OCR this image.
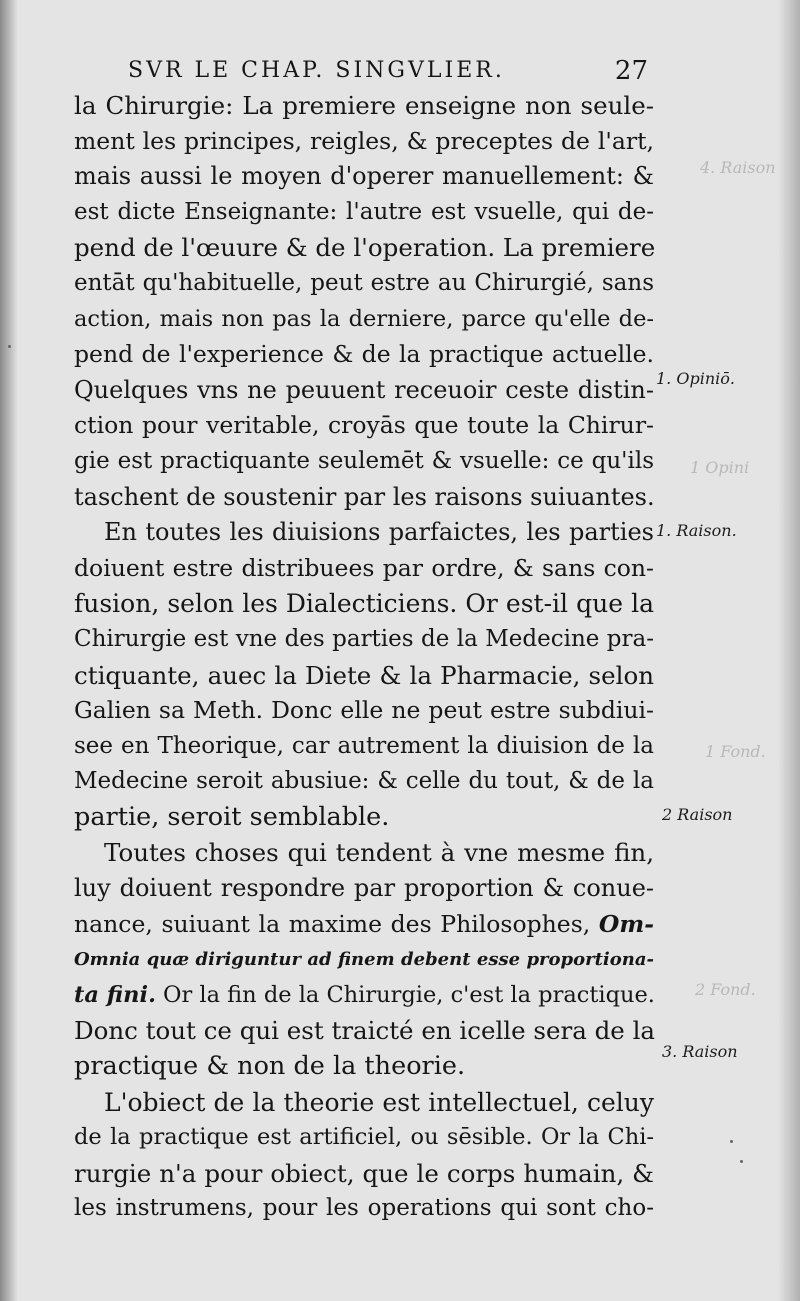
4. Raison
1 Opini
1 Fond.
2 Fond.
SVR LE CHAP. SINGVLIER.	27
la Chirurgie: La premiere enseigne non seule-
ment les principes, reigles, & preceptes de l'art,
mais aussi le moyen d'operer manuellement: &
est dicte Enseignante: l'autre est vsuelle, qui de-
pend de l'œuure & de l'operation. La premiere
entāt qu'habituelle, peut estre au Chirurgié, sans
action, mais non pas la derniere, parce qu'elle de-
pend de l'experience & de la practique actuelle.
Quelques vns ne peuuent receuoir ceste distin-
ction pour veritable, croyās que toute la Chirur-
gie est practiquante seulemēt & vsuelle: ce qu'ils
taschent de soustenir par les raisons suiuantes.
En toutes les diuisions parfaictes, les parties
doiuent estre distribuees par ordre, & sans con-
fusion, selon les Dialecticiens. Or est-il que la
Chirurgie est vne des parties de la Medecine pra-
ctiquante, auec la Diete & la Pharmacie, selon
Galien sa Meth. Donc elle ne peut estre subdiui-
see en Theorique, car autrement la diuision de la
Medecine seroit abusiue: & celle du tout, & de la
partie, seroit semblable.
Toutes choses qui tendent à vne mesme fin,
luy doiuent respondre par proportion & conue-
nance, suiuant la maxime des Philosophes, Om-
Omnia quæ diriguntur ad finem debent esse proportiona-
ta fini. Or la fin de la Chirurgie, c'est la practique.
Donc tout ce qui est traicté en icelle sera de la
practique & non de la theorie.
L'obiect de la theorie est intellectuel, celuy
de la practique est artificiel, ou sēsible. Or la Chi-
rurgie n'a pour obiect, que le corps humain, &
les instrumens, pour les operations qui sont cho-
1. Opiniō.
1. Raison.
2 Raison
3. Raison
